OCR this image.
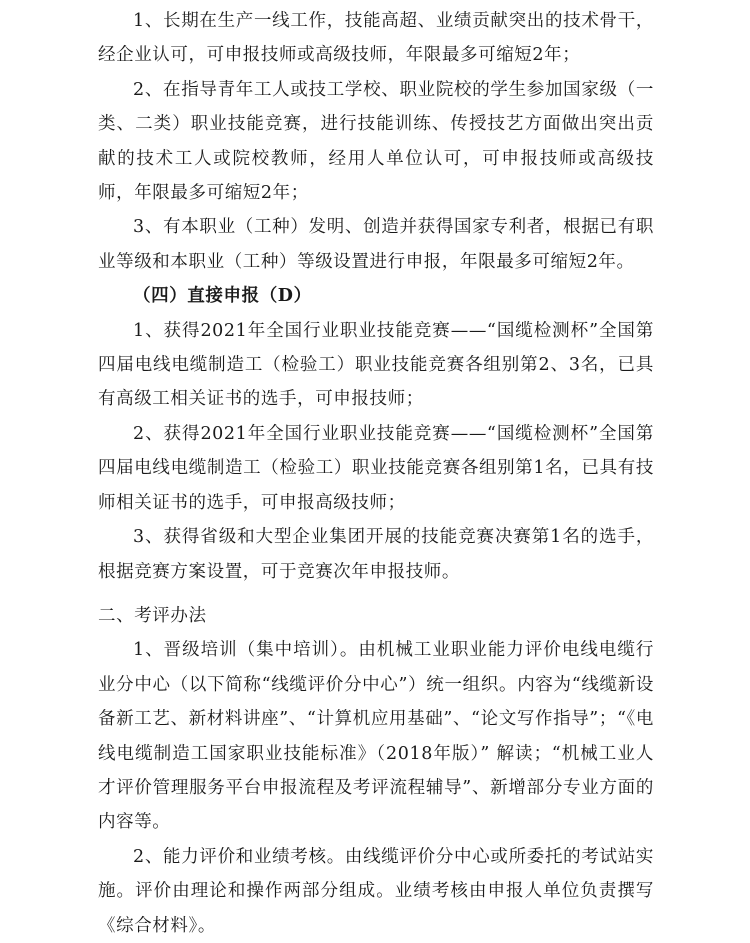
1、长期在生产一线工作，技能高超、业绩贡献突出的技术骨干，经企业认可，可申报技师或高级技师，年限最多可缩短2年；

2、在指导青年工人或技工学校、职业院校的学生参加国家级（一类、二类）职业技能竞赛，进行技能训练、传授技艺方面做出突出贡献的技术工人或院校教师，经用人单位认可，可申报技师或高级技师，年限最多可缩短2年；

3、有本职业（工种）发明、创造并获得国家专利者，根据已有职业等级和本职业（工种）等级设置进行申报，年限最多可缩短2年。

（四）直接申报（D）

1、获得2021年全国行业职业技能竞赛——“国缆检测杯”全国第四届电线电缆制造工（检验工）职业技能竞赛各组别第2、3名，已具有高级工相关证书的选手，可申报技师；

2、获得2021年全国行业职业技能竞赛——“国缆检测杯”全国第四届电线电缆制造工（检验工）职业技能竞赛各组别第1名，已具有技师相关证书的选手，可申报高级技师；

3、获得省级和大型企业集团开展的技能竞赛决赛第1名的选手，根据竞赛方案设置，可于竞赛次年申报技师。

二、考评办法

1、晋级培训（集中培训）。由机械工业职业能力评价电线电缆行业分中心（以下简称“线缆评价分中心”）统一组织。内容为“线缆新设备新工艺、新材料讲座”、“计算机应用基础”、“论文写作指导”；“《电线电缆制造工国家职业技能标准》（2018年版）” 解读；“机械工业人才评价管理服务平台申报流程及考评流程辅导”、新增部分专业方面的内容等。

2、能力评价和业绩考核。由线缆评价分中心或所委托的考试站实施。评价由理论和操作两部分组成。业绩考核由申报人单位负责撰写《综合材料》。
